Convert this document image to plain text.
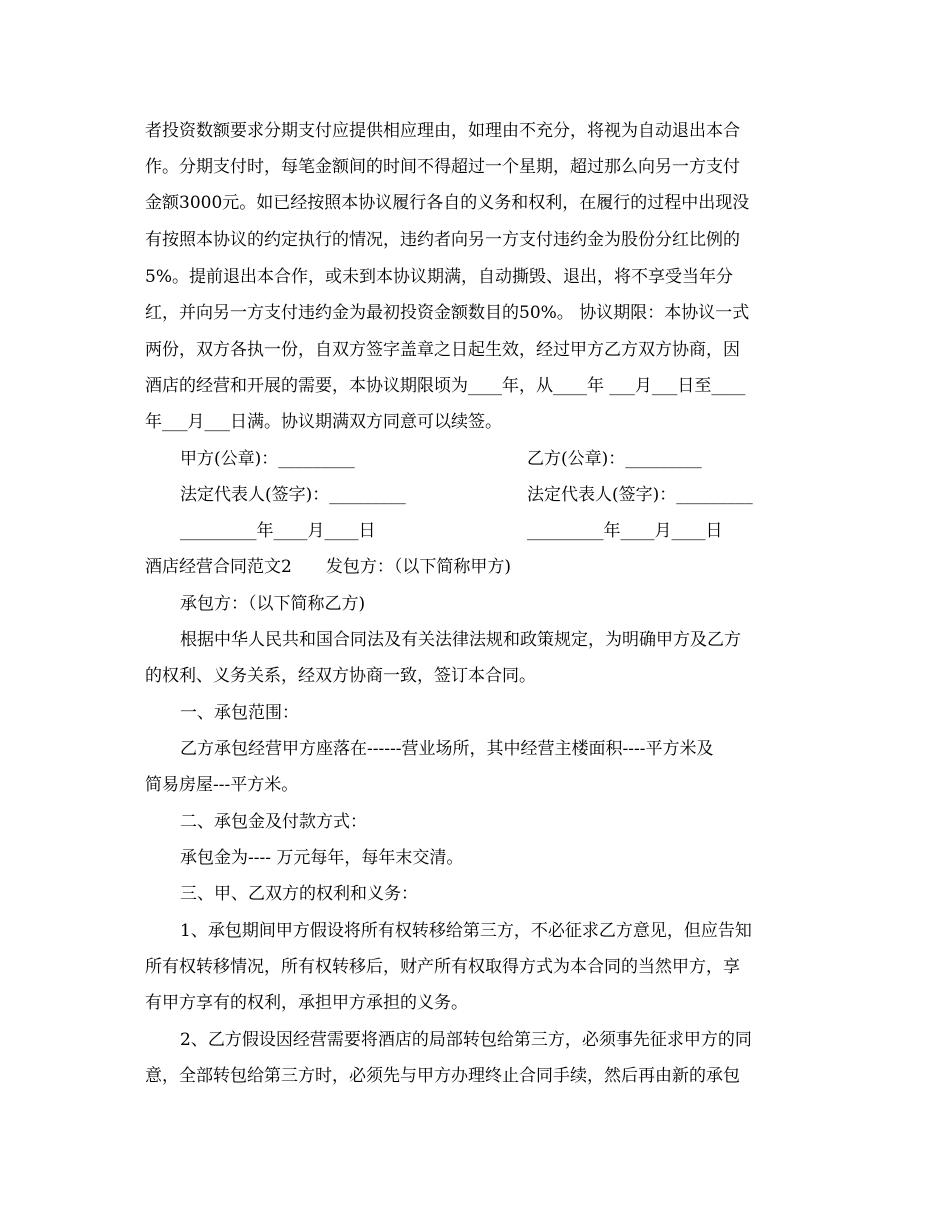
者投资数额要求分期支付应提供相应理由，如理由不充分，将视为自动退出本合
作。分期支付时，每笔金额间的时间不得超过一个星期，超过那么向另一方支付
金额3000元。如已经按照本协议履行各自的义务和权利，在履行的过程中出现没
有按照本协议的约定执行的情况，违约者向另一方支付违约金为股份分红比例的
5%。提前退出本合作，或未到本协议期满，自动撕毁、退出，将不享受当年分
红，并向另一方支付违约金为最初投资金额数目的50%。 协议期限：本协议一式
两份，双方各执一份，自双方签字盖章之日起生效，经过甲方乙方双方协商，因
酒店的经营和开展的需要，本协议期限顷为____年，从____年 ___月___日至____
年___月___日满。协议期满双方同意可以续签。
甲方(公章)：_________	乙方(公章)：_________
法定代表人(签字)：_________	法定代表人(签字)：_________
_________年____月____日	_________年____月____日
酒店经营合同范文2　　发包方：（以下简称甲方)
承包方：（以下简称乙方)
根据中华人民共和国合同法及有关法律法规和政策规定，为明确甲方及乙方
的权利、义务关系，经双方协商一致，签订本合同。
一、承包范围：
乙方承包经营甲方座落在------营业场所，其中经营主楼面积----平方米及
简易房屋---平方米。
二、承包金及付款方式：
承包金为---- 万元每年，每年末交清。
三、甲、乙双方的权利和义务：
1、承包期间甲方假设将所有权转移给第三方，不必征求乙方意见，但应告知
所有权转移情况，所有权转移后，财产所有权取得方式为本合同的当然甲方，享
有甲方享有的权利，承担甲方承担的义务。
2、乙方假设因经营需要将酒店的局部转包给第三方，必须事先征求甲方的同
意，全部转包给第三方时，必须先与甲方办理终止合同手续，然后再由新的承包
